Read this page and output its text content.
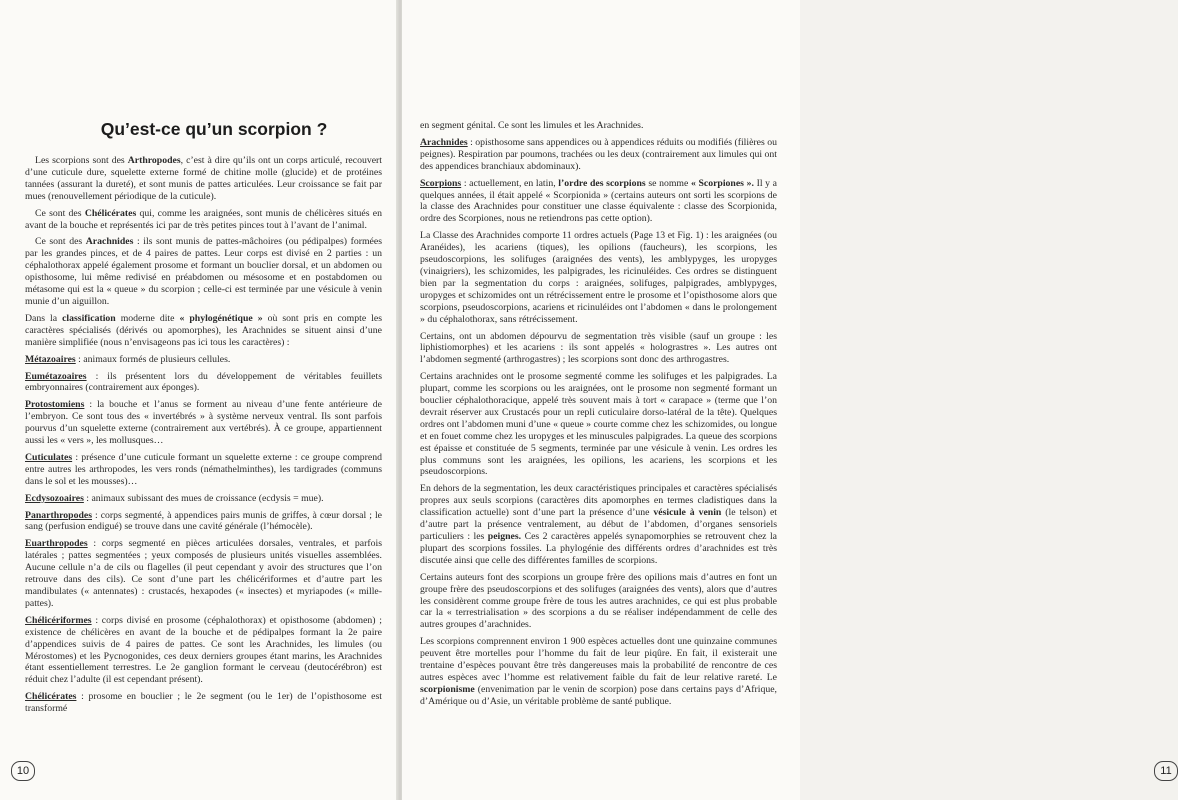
Qu’est-ce qu’un scorpion ?

Les scorpions sont des Arthropodes, c’est à dire qu’ils ont un corps articulé, recouvert d’une cuticule dure, squelette externe formé de chitine molle (glucide) et de protéines tannées (assurant la dureté), et sont munis de pattes articulées. Leur croissance se fait par mues (renouvellement périodique de la cuticule).

Ce sont des Chélicérates qui, comme les araignées, sont munis de chélicères situés en avant de la bouche et représentés ici par de très petites pinces tout à l’avant de l’animal.

Ce sont des Arachnides : ils sont munis de pattes-mâchoires (ou pédipalpes) formées par les grandes pinces, et de 4 paires de pattes. Leur corps est divisé en 2 parties : un céphalothorax appelé également prosome et formant un bouclier dorsal, et un abdomen ou opisthosome, lui même redivisé en préabdomen ou mésosome et en postabdomen ou métasome qui est la « queue » du scorpion ; celle-ci est terminée par une vésicule à venin munie d’un aiguillon.

Dans la classification moderne dite « phylogénétique » où sont pris en compte les caractères spécialisés (dérivés ou apomorphes), les Arachnides se situent ainsi d’une manière simplifiée (nous n’envisageons pas ici tous les caractères) :

Métazoaires : animaux formés de plusieurs cellules.

Eumétazoaires : ils présentent lors du développement de véritables feuillets embryonnaires (contrairement aux éponges).

Protostomiens : la bouche et l’anus se forment au niveau d’une fente antérieure de l’embryon. Ce sont tous des « invertébrés » à système nerveux ventral. Ils sont parfois pourvus d’un squelette externe (contrairement aux vertébrés). À ce groupe, appartiennent aussi les « vers », les mollusques…

Cuticulates : présence d’une cuticule formant un squelette externe : ce groupe comprend entre autres les arthropodes, les vers ronds (némathelminthes), les tardigrades (communs dans le sol et les mousses)…

Ecdysozoaires : animaux subissant des mues de croissance (ecdysis = mue).

Panarthropodes : corps segmenté, à appendices pairs munis de griffes, à cœur dorsal ; le sang (perfusion endigué) se trouve dans une cavité générale (l’hémocèle).

Euarthropodes : corps segmenté en pièces articulées dorsales, ventrales, et parfois latérales ; pattes segmentées ; yeux composés de plusieurs unités visuelles assemblées. Aucune cellule n’a de cils ou flagelles (il peut cependant y avoir des structures que l’on retrouve dans des cils). Ce sont d’une part les chélicériformes et d’autre part les mandibulates (« antennates) : crustacés, hexapodes (« insectes) et myriapodes (« mille-pattes).

Chélicériformes : corps divisé en prosome (céphalothorax) et opisthosome (abdomen) ; existence de chélicères en avant de la bouche et de pédipalpes formant la 2e paire d’appendices suivis de 4 paires de pattes. Ce sont les Arachnides, les limules (ou Mérostomes) et les Pycnogonides, ces deux derniers groupes étant marins, les Arachnides étant essentiellement terrestres. Le 2e ganglion formant le cerveau (deutocérébron) est réduit chez l’adulte (il est cependant présent).

Chélicérates : prosome en bouclier ; le 2e segment (ou le 1er) de l’opisthosome est transformé

10	11

en segment génital. Ce sont les limules et les Arachnides.

Arachnides : opisthosome sans appendices ou à appendices réduits ou modifiés (filières ou peignes). Respiration par poumons, trachées ou les deux (contrairement aux limules qui ont des appendices branchiaux abdominaux).

Scorpions : actuellement, en latin, l’ordre des scorpions se nomme « Scorpiones ». Il y a quelques années, il était appelé « Scorpionida » (certains auteurs ont sorti les scorpions de la classe des Arachnides pour constituer une classe équivalente : classe des Scorpionida, ordre des Scorpiones, nous ne retiendrons pas cette option).

La Classe des Arachnides comporte 11 ordres actuels (Page 13 et Fig. 1) : les araignées (ou Aranéides), les acariens (tiques), les opilions (faucheurs), les scorpions, les pseudoscorpions, les solifuges (araignées des vents), les amblypyges, les uropyges (vinaigriers), les schizomides, les palpigrades, les ricinuléides. Ces ordres se distinguent bien par la segmentation du corps : araignées, solifuges, palpigrades, amblypyges, uropyges et schizomides ont un rétrécissement entre le prosome et l’opisthosome alors que scorpions, pseudoscorpions, acariens et ricinuléides ont l’abdomen « dans le prolongement » du céphalothorax, sans rétrécissement.

Certains, ont un abdomen dépourvu de segmentation très visible (sauf un groupe : les liphistiomorphes) et les acariens : ils sont appelés « holograstres ». Les autres ont l’abdomen segmenté (arthrogastres) ; les scorpions sont donc des arthrogastres.

Certains arachnides ont le prosome segmenté comme les solifuges et les palpigrades. La plupart, comme les scorpions ou les araignées, ont le prosome non segmenté formant un bouclier céphalothoracique, appelé très souvent mais à tort « carapace » (terme que l’on devrait réserver aux Crustacés pour un repli cuticulaire dorso-latéral de la tête). Quelques ordres ont l’abdomen muni d’une « queue » courte comme chez les schizomides, ou longue et en fouet comme chez les uropyges et les minuscules palpigrades. La queue des scorpions est épaisse et constituée de 5 segments, terminée par une vésicule à venin. Les ordres les plus communs sont les araignées, les opilions, les acariens, les scorpions et les pseudoscorpions.

En dehors de la segmentation, les deux caractéristiques principales et caractères spécialisés propres aux seuls scorpions (caractères dits apomorphes en termes cladistiques dans la classification actuelle) sont d’une part la présence d’une vésicule à venin (le telson) et d’autre part la présence ventralement, au début de l’abdomen, d’organes sensoriels particuliers : les peignes. Ces 2 caractères appelés synapomorphies se retrouvent chez la plupart des scorpions fossiles. La phylogénie des différents ordres d’arachnides est très discutée ainsi que celle des différentes familles de scorpions.

Certains auteurs font des scorpions un groupe frère des opilions mais d’autres en font un groupe frère des pseudoscorpions et des solifuges (araignées des vents), alors que d’autres les considèrent comme groupe frère de tous les autres arachnides, ce qui est plus probable car la « terrestrialisation » des scorpions a du se réaliser indépendamment de celle des autres groupes d’arachnides.

Les scorpions comprennent environ 1 900 espèces actuelles dont une quinzaine communes peuvent être mortelles pour l’homme du fait de leur piqûre. En fait, il existerait une trentaine d’espèces pouvant être très dangereuses mais la probabilité de rencontre de ces autres espèces avec l’homme est relativement faible du fait de leur relative rareté. Le scorpionisme (envenimation par le venin de scorpion) pose dans certains pays d’Afrique, d’Amérique ou d’Asie, un véritable problème de santé publique.
